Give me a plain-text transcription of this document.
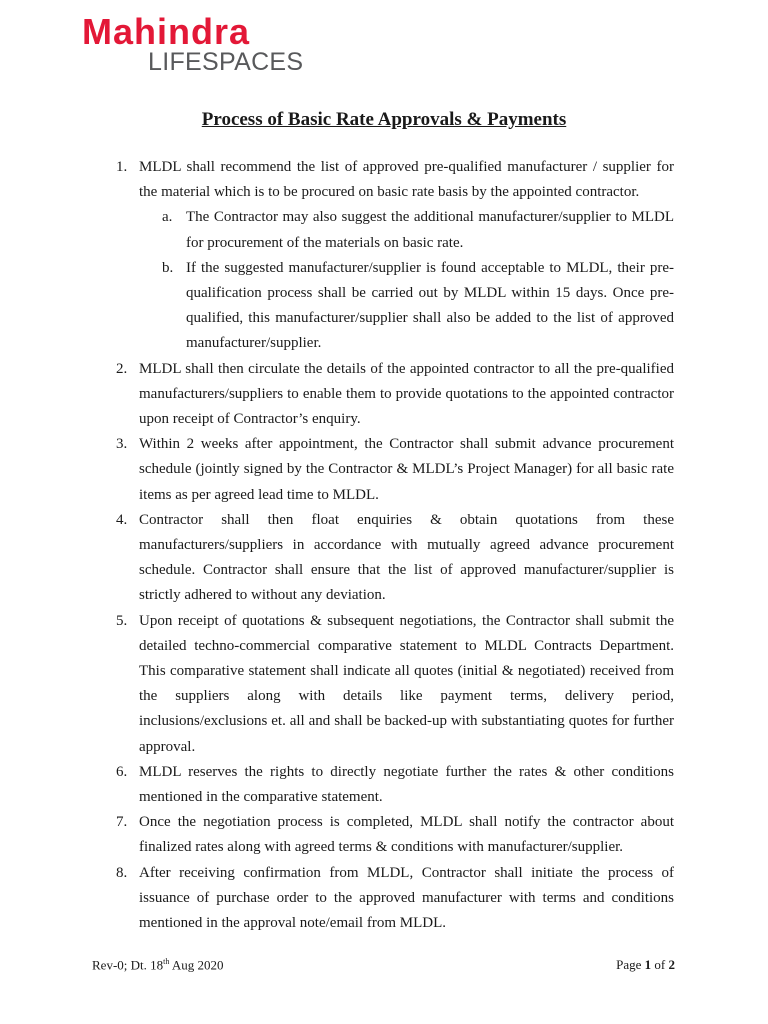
Mahindra
LIFESPACES
Process of Basic Rate Approvals & Payments
1. MLDL shall recommend the list of approved pre-qualified manufacturer / supplier for the material which is to be procured on basic rate basis by the appointed contractor.
a. The Contractor may also suggest the additional manufacturer/supplier to MLDL for procurement of the materials on basic rate.
b. If the suggested manufacturer/supplier is found acceptable to MLDL, their pre-qualification process shall be carried out by MLDL within 15 days. Once pre-qualified, this manufacturer/supplier shall also be added to the list of approved manufacturer/supplier.
2. MLDL shall then circulate the details of the appointed contractor to all the pre-qualified manufacturers/suppliers to enable them to provide quotations to the appointed contractor upon receipt of Contractor’s enquiry.
3. Within 2 weeks after appointment, the Contractor shall submit advance procurement schedule (jointly signed by the Contractor & MLDL’s Project Manager) for all basic rate items as per agreed lead time to MLDL.
4. Contractor shall then float enquiries & obtain quotations from these manufacturers/suppliers in accordance with mutually agreed advance procurement schedule. Contractor shall ensure that the list of approved manufacturer/supplier is strictly adhered to without any deviation.
5. Upon receipt of quotations & subsequent negotiations, the Contractor shall submit the detailed techno-commercial comparative statement to MLDL Contracts Department. This comparative statement shall indicate all quotes (initial & negotiated) received from the suppliers along with details like payment terms, delivery period, inclusions/exclusions et. all and shall be backed-up with substantiating quotes for further approval.
6. MLDL reserves the rights to directly negotiate further the rates & other conditions mentioned in the comparative statement.
7. Once the negotiation process is completed, MLDL shall notify the contractor about finalized rates along with agreed terms & conditions with manufacturer/supplier.
8. After receiving confirmation from MLDL, Contractor shall initiate the process of issuance of purchase order to the approved manufacturer with terms and conditions mentioned in the approval note/email from MLDL.
Rev-0; Dt. 18th Aug 2020	Page 1 of 2
